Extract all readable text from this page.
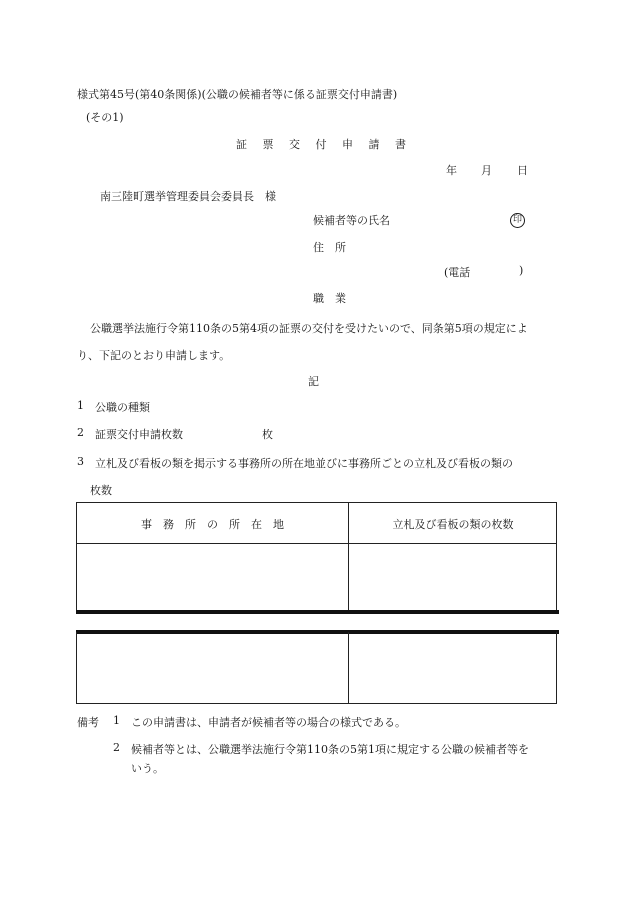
様式第45号(第40条関係)(公職の候補者等に係る証票交付申請書)
(その1)
証 票 交 付 申 請 書
年 月 日
南三陸町選挙管理委員会委員長　様
候補者等の氏名	印
住　所
(電話	)
職　業
公職選挙法施行令第110条の5第4項の証票の交付を受けたいので、同条第5項の規定によ
り、下記のとおり申請します。
記
1 公職の種類
2 証票交付申請枚数	枚
3 立札及び看板の類を掲示する事務所の所在地並びに事務所ごとの立札及び看板の類の
枚数
事　務　所　の　所　在　地	立札及び看板の類の枚数
備考 1 この申請書は、申請者が候補者等の場合の様式である。
2 候補者等とは、公職選挙法施行令第110条の5第1項に規定する公職の候補者等を
いう。
